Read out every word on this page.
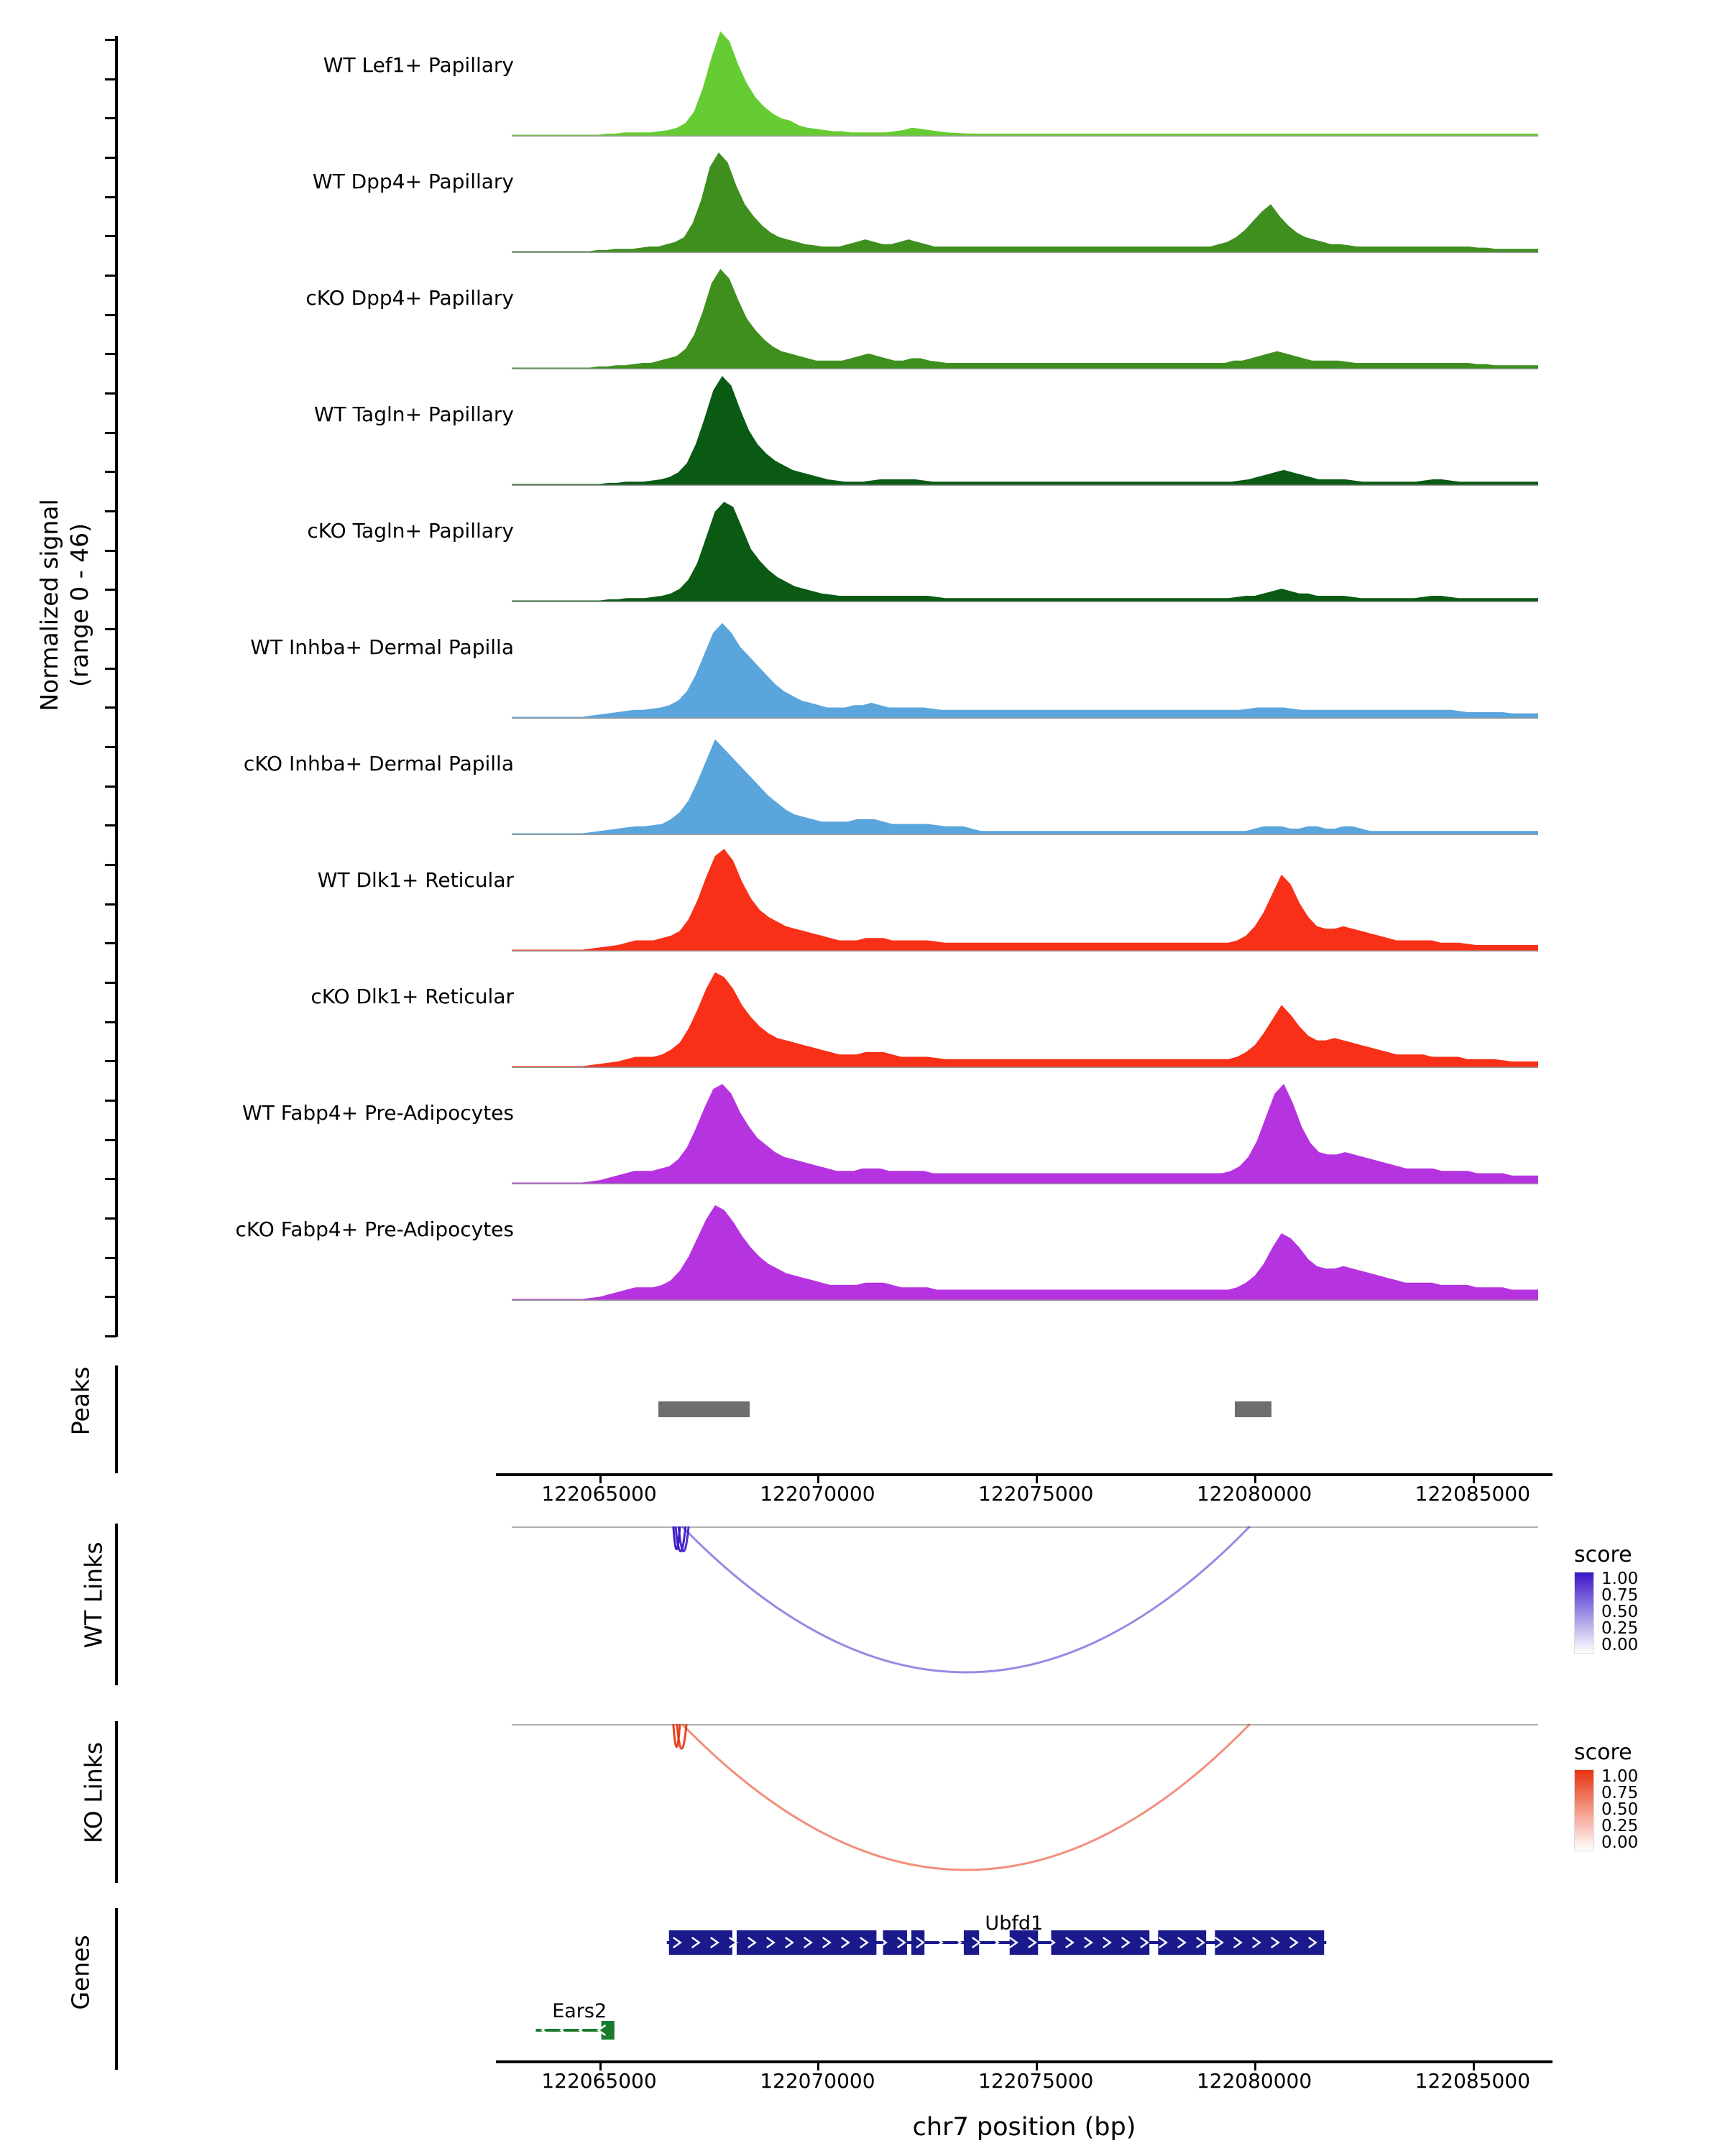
Normalized signal
(range 0 - 46)
WT Lef1+ Papillary
WT Dpp4+ Papillary
cKO Dpp4+ Papillary
WT Tagln+ Papillary
cKO Tagln+ Papillary
WT Inhba+ Dermal Papilla
cKO Inhba+ Dermal Papilla
WT Dlk1+ Reticular
cKO Dlk1+ Reticular
WT Fabp4+ Pre-Adipocytes
cKO Fabp4+ Pre-Adipocytes
Peaks
122065000	122070000	122075000	122080000	122085000
WT Links	score
1.00
0.75
0.50
0.25
0.00
KO Links	score
1.00
0.75
0.50
0.25
0.00
Genes
Ubfd1
Ears2
122065000	122070000	122075000	122080000	122085000
chr7 position (bp)
